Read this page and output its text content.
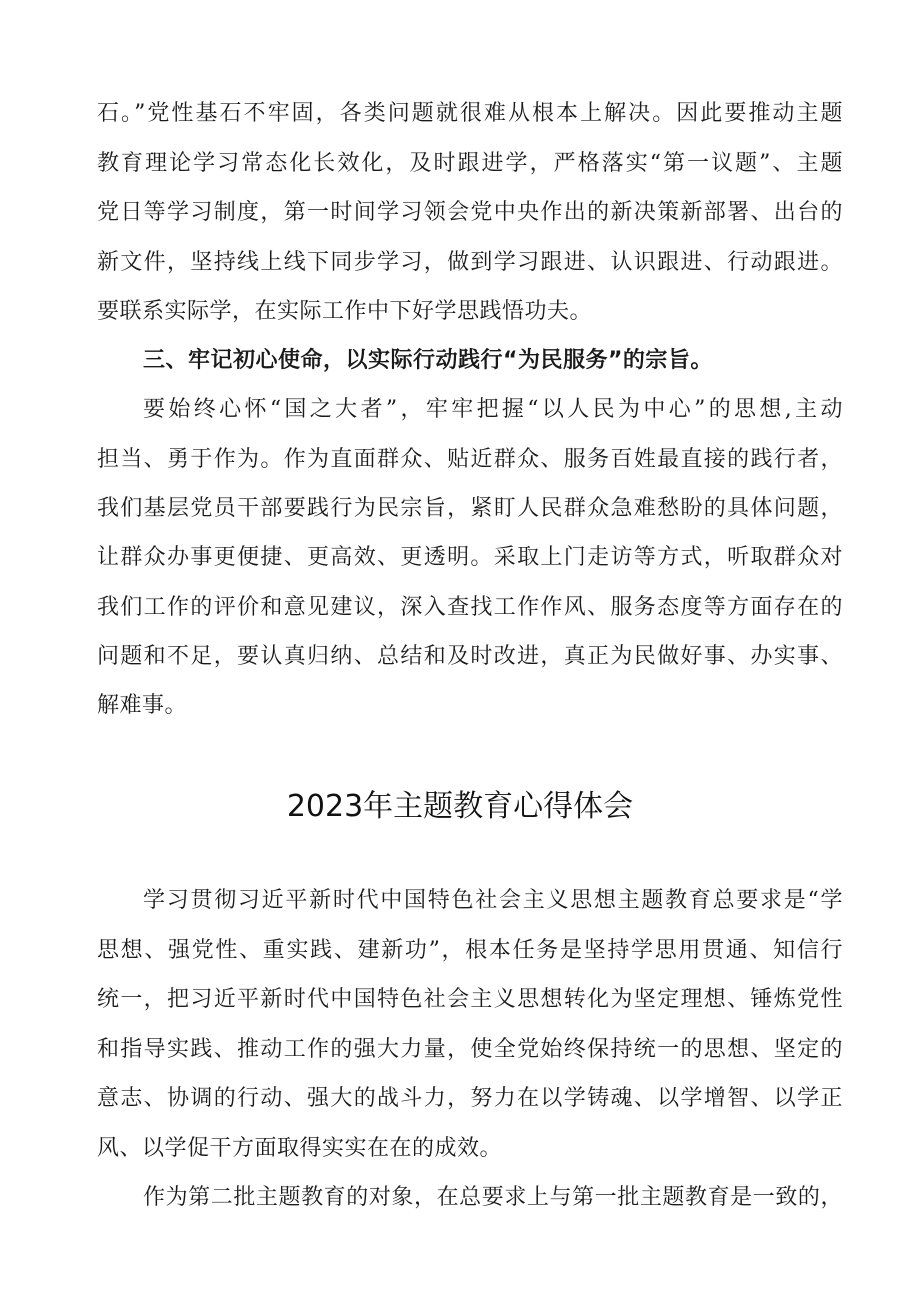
石。”党性基石不牢固，各类问题就很难从根本上解决。因此要推动主题
教育理论学习常态化长效化，及时跟进学，严格落实“第一议题”、主题
党日等学习制度，第一时间学习领会党中央作出的新决策新部署、出台的
新文件，坚持线上线下同步学习，做到学习跟进、认识跟进、行动跟进。
要联系实际学，在实际工作中下好学思践悟功夫。
三、牢记初心使命，以实际行动践行“为民服务”的宗旨。
要始终心怀“国之大者”，牢牢把握“以人民为中心”的思想,主动
担当、勇于作为。作为直面群众、贴近群众、服务百姓最直接的践行者，
我们基层党员干部要践行为民宗旨，紧盯人民群众急难愁盼的具体问题，
让群众办事更便捷、更高效、更透明。采取上门走访等方式，听取群众对
我们工作的评价和意见建议，深入查找工作作风、服务态度等方面存在的
问题和不足，要认真归纳、总结和及时改进，真正为民做好事、办实事、
解难事。
2023年主题教育心得体会
学习贯彻习近平新时代中国特色社会主义思想主题教育总要求是“学
思想、强党性、重实践、建新功”，根本任务是坚持学思用贯通、知信行
统一，把习近平新时代中国特色社会主义思想转化为坚定理想、锤炼党性
和指导实践、推动工作的强大力量，使全党始终保持统一的思想、坚定的
意志、协调的行动、强大的战斗力，努力在以学铸魂、以学增智、以学正
风、以学促干方面取得实实在在的成效。
作为第二批主题教育的对象，在总要求上与第一批主题教育是一致的，
